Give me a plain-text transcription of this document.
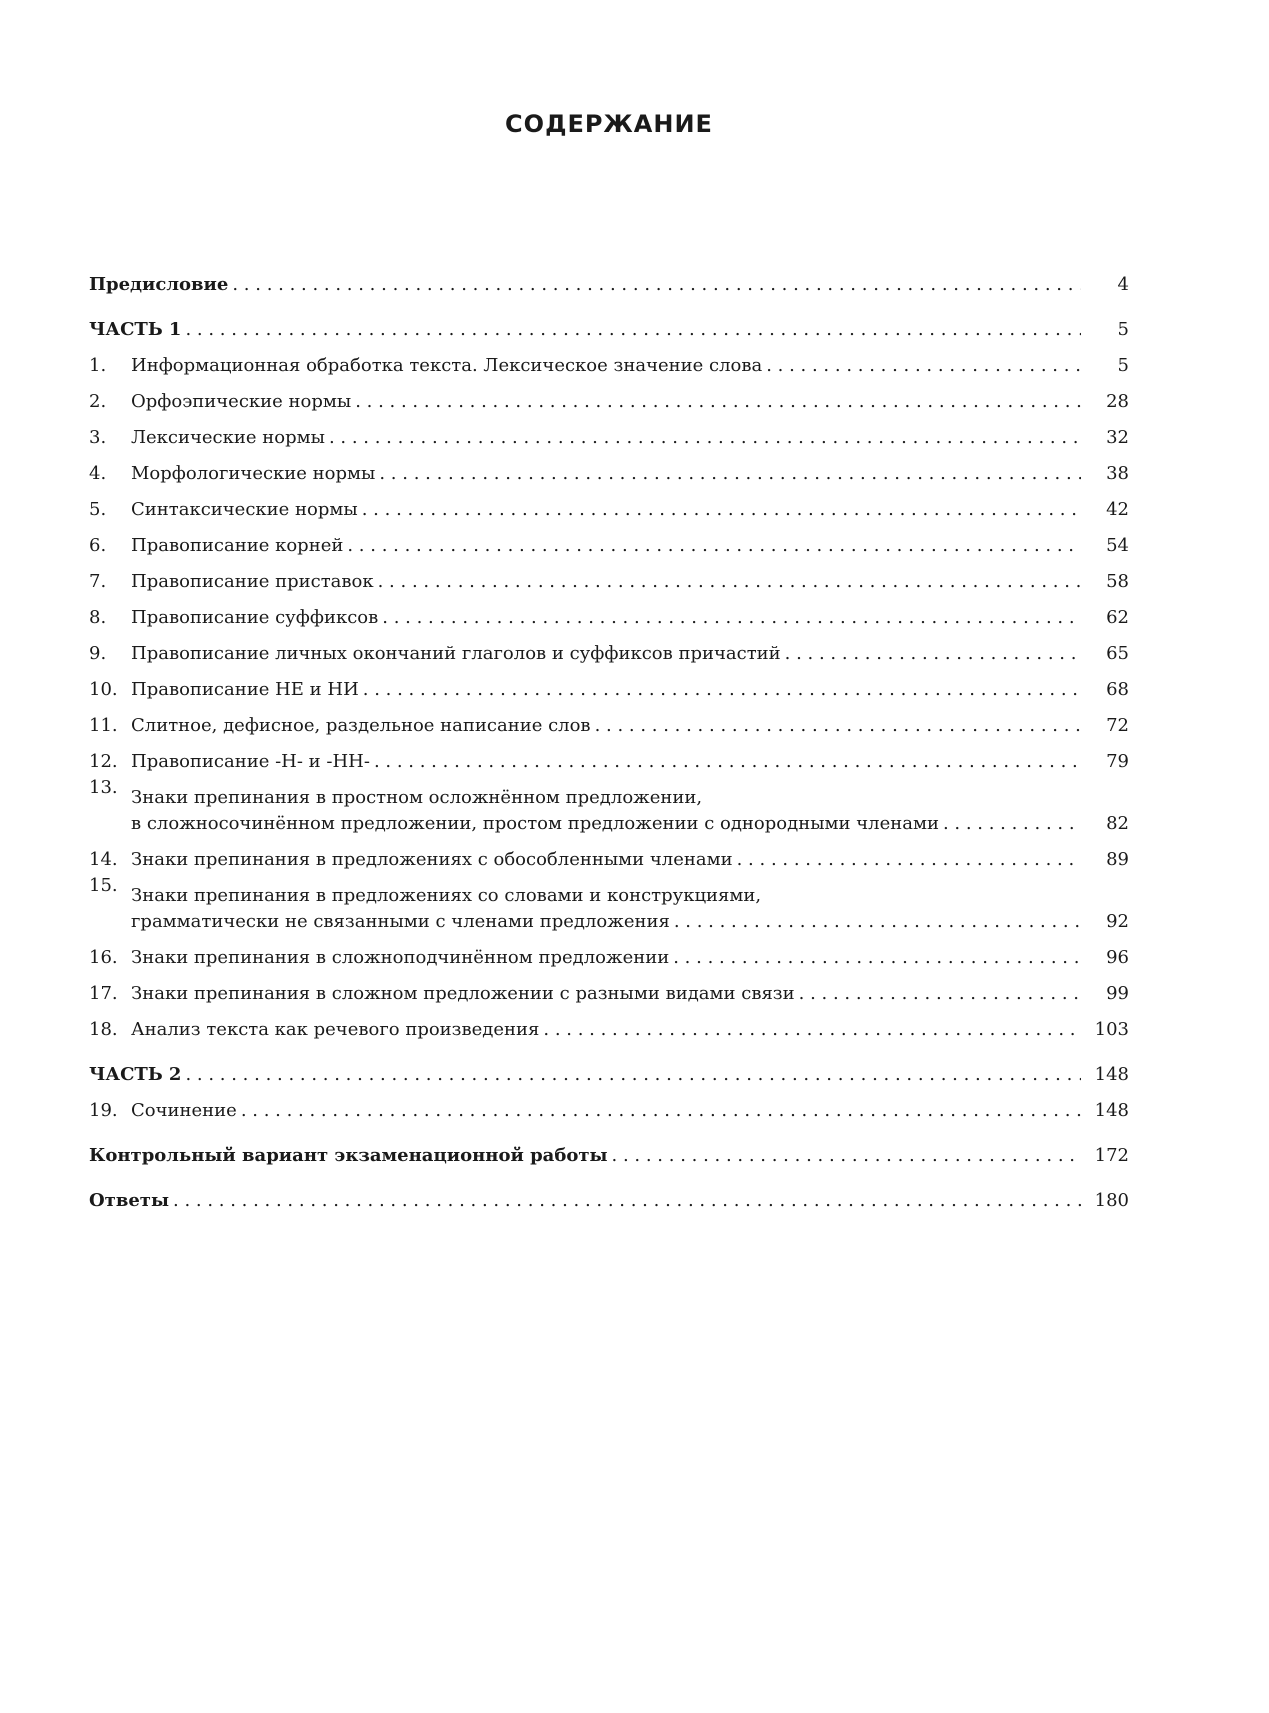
СОДЕРЖАНИЕ
Предисловие . . .	4
ЧАСТЬ 1 . . .	5
1.	Информационная обработка текста. Лексическое значение слова . . .	5
2.	Орфоэпические нормы . . .	28
3.	Лексические нормы . . .	32
4.	Морфологические нормы . . .	38
5.	Синтаксические нормы . . .	42
6.	Правописание корней . . .	54
7.	Правописание приставок . . .	58
8.	Правописание суффиксов . . .	62
9.	Правописание личных окончаний глаголов и суффиксов причастий . . .	65
10. Правописание НЕ и НИ . . .	68
11. Слитное, дефисное, раздельное написание слов . . .	72
12. Правописание -Н- и -НН- . . .	79
13. Знаки препинания в простном осложнённом предложении,
в сложносочинённом предложении, простом предложении с однородными членами . . .	82
14. Знаки препинания в предложениях с обособленными членами . . .	89
15. Знаки препинания в предложениях со словами и конструкциями,
грамматически не связанными с членами предложения . . .	92
16. Знаки препинания в сложноподчинённом предложении . . .	96
17. Знаки препинания в сложном предложении с разными видами связи . . .	99
18. Анализ текста как речевого произведения . . .	103
ЧАСТЬ 2 . . .	148
19. Сочинение . . .	148
Контрольный вариант экзаменационной работы . . .	172
Ответы . . .	180
